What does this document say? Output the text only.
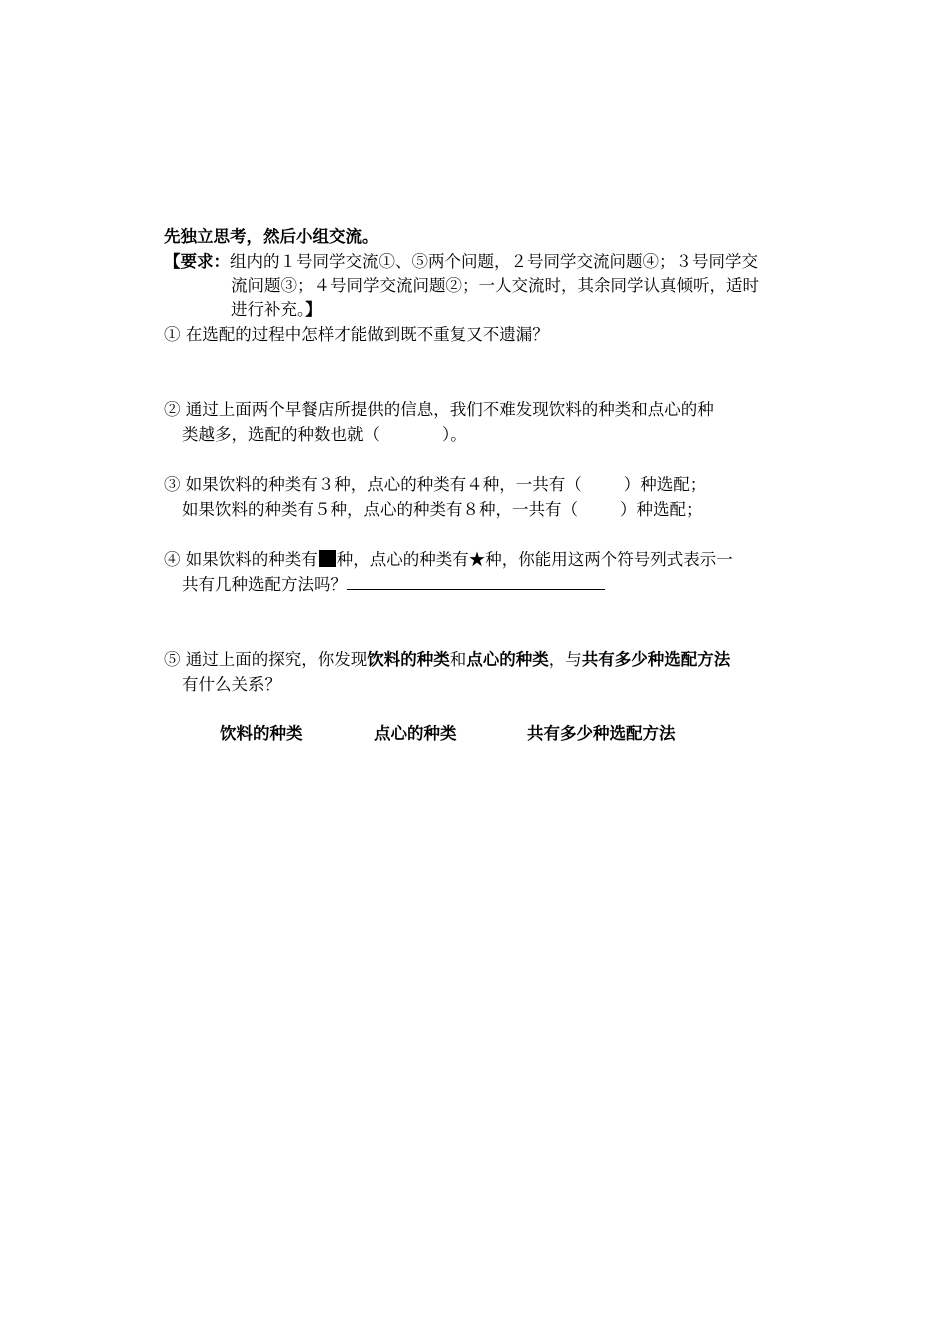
先独立思考，然后小组交流。
【要求：组内的１号同学交流①、⑤两个问题，２号同学交流问题④；３号同学交
流问题③；４号同学交流问题②；一人交流时，其余同学认真倾听，适时
进行补充。】
① 在选配的过程中怎样才能做到既不重复又不遗漏？
② 通过上面两个早餐店所提供的信息，我们不难发现饮料的种类和点心的种
类越多，选配的种数也就（	）。
③ 如果饮料的种类有３种，点心的种类有４种，一共有（	）种选配；
如果饮料的种类有５种，点心的种类有８种，一共有（	）种选配；
④ 如果饮料的种类有 种，点心的种类有★种，你能用这两个符号列式表示一
共有几种选配方法吗？
⑤ 通过上面的探究，你发现饮料的种类和点心的种类，与共有多少种选配方法
有什么关系？
饮料的种类	点心的种类	共有多少种选配方法
